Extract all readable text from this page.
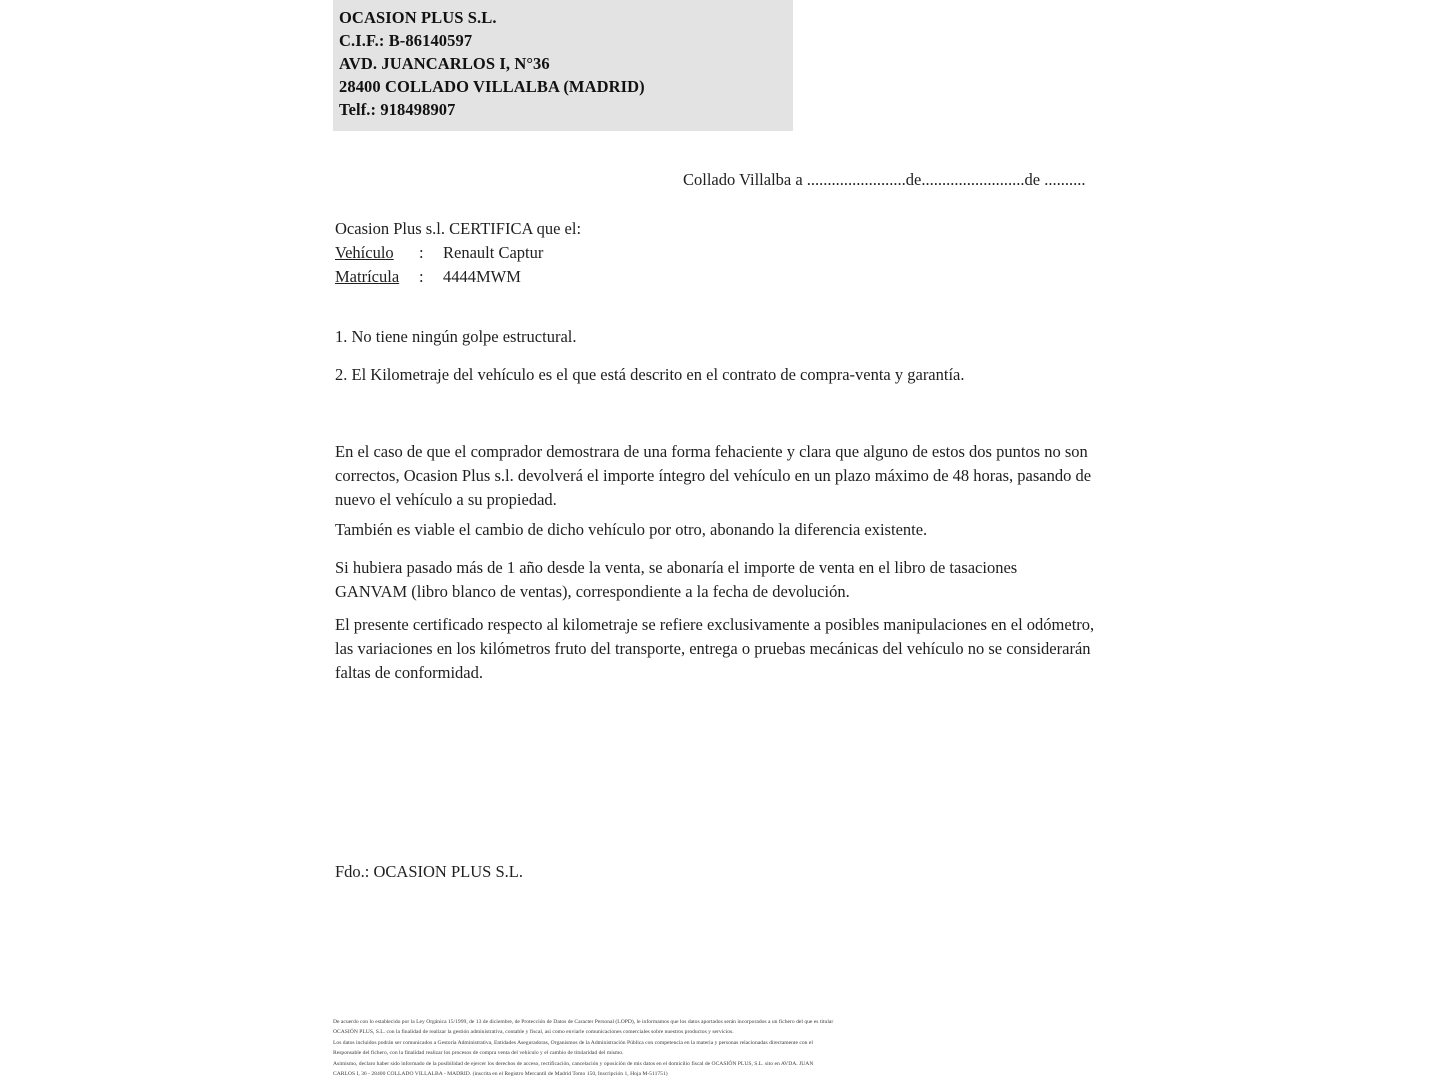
OCASION PLUS S.L.
C.I.F.: B-86140597
AVD. JUANCARLOS I, N°36
28400 COLLADO VILLALBA (MADRID)
Telf.: 918498907
Collado Villalba a ........................de.........................de ..........
Ocasion Plus s.l. CERTIFICA que el:
Vehículo : Renault Captur
Matrícula : 4444MWM
1. No tiene ningún golpe estructural.
2. El Kilometraje del vehículo es el que está descrito en el contrato de compra-venta y garantía.
En el caso de que el comprador demostrara de una forma fehaciente y clara que alguno de estos dos puntos no son correctos, Ocasion Plus s.l. devolverá el importe íntegro del vehículo en un plazo máximo de 48 horas, pasando de nuevo el vehículo a su propiedad.
También es viable el cambio de dicho vehículo por otro, abonando la diferencia existente.
Si hubiera pasado más de 1 año desde la venta, se abonaría el importe de venta en el libro de tasaciones GANVAM (libro blanco de ventas), correspondiente a la fecha de devolución.
El presente certificado respecto al kilometraje se refiere exclusivamente a posibles manipulaciones en el odómetro, las variaciones en los kilómetros fruto del transporte, entrega o pruebas mecánicas del vehículo no se considerarán faltas de conformidad.
Fdo.: OCASION PLUS S.L.

De acuerdo con lo establecido por la Ley Orgánica 15/1999, de 13 de diciembre, de Protección de Datos de Caracter Personal (LOPD), le informamos que los datos aportados serán incorporados a un fichero del que es titular

OCASIÓN PLUS, S.L. con la finalidad de realizar la gestión administrativa, contable y fiscal, así como enviarle comunicaciones comerciales sobre nuestros productos y servicios.

Los datos incluidos podrán ser comunicados a Gestoría Administrativa, Entidades Aseguradoras, Organismos de la Administración Pública con competencia en la materia y personas relacionadas directamente con el

Responsable del fichero, con la finalidad realizar los procesos de compra venta del vehículo y el cambio de titularidad del mismo.

Asimismo, declaro haber sido informado de la posibilidad de ejercer los derechos de acceso, rectificación, cancelación y oposición de mis datos en el domicilio fiscal de OCASIÓN PLUS, S.L. sito en AVDA. JUAN

CARLOS I, 36 - 28400 COLLADO VILLALBA - MADRID. (inscrita en el Registro Mercantil de Madrid Tomo 150, Inscripción 1, Hoja M-511751)
